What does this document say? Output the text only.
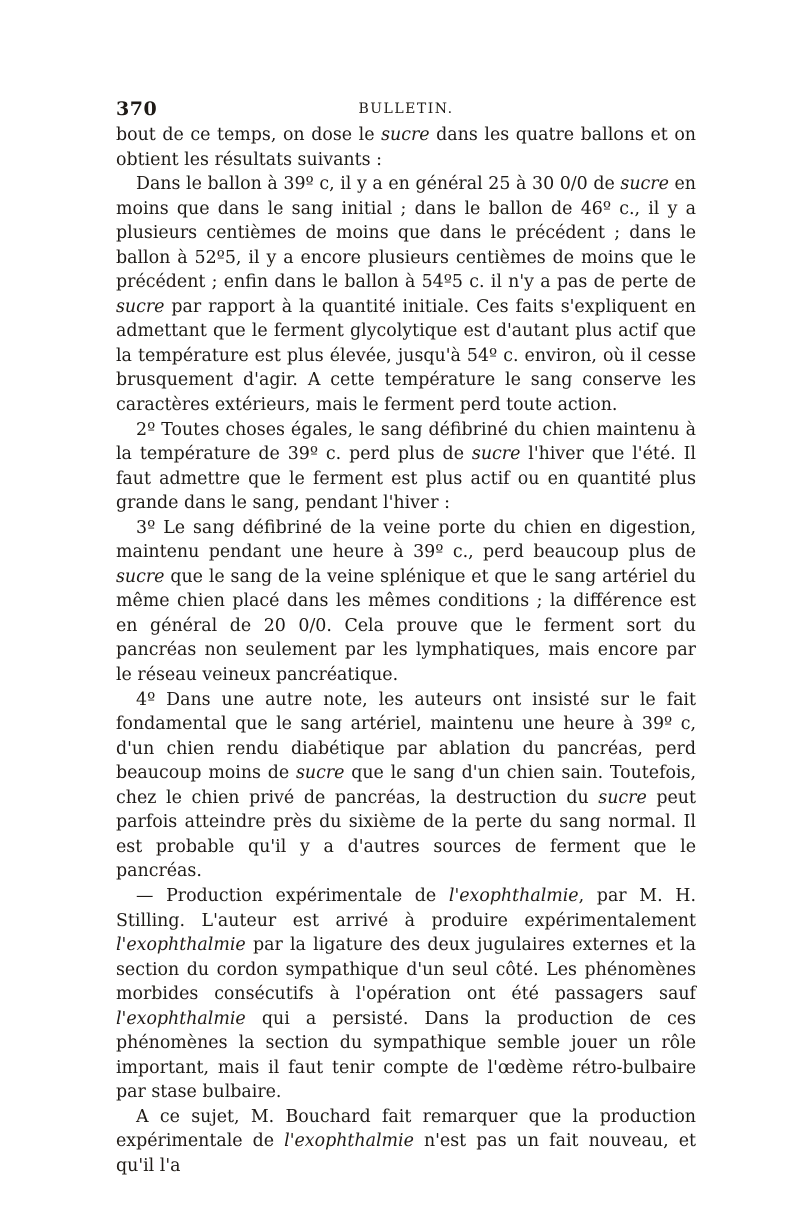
370	BULLETIN.

bout de ce temps, on dose le sucre dans les quatre ballons et on obtient les résultats suivants :

Dans le ballon à 39º c, il y a en général 25 à 30 0/0 de sucre en moins que dans le sang initial ; dans le ballon de 46º c., il y a plusieurs centièmes de moins que dans le précédent ; dans le ballon à 52º5, il y a encore plusieurs centièmes de moins que le précédent ; enfin dans le ballon à 54º5 c. il n'y a pas de perte de sucre par rapport à la quantité initiale. Ces faits s'expliquent en admettant que le ferment glycolytique est d'autant plus actif que la température est plus élevée, jusqu'à 54º c. environ, où il cesse brusquement d'agir. A cette température le sang conserve les caractères extérieurs, mais le ferment perd toute action.

2º Toutes choses égales, le sang défibriné du chien maintenu à la température de 39º c. perd plus de sucre l'hiver que l'été. Il faut admettre que le ferment est plus actif ou en quantité plus grande dans le sang, pendant l'hiver :

3º Le sang défibriné de la veine porte du chien en digestion, maintenu pendant une heure à 39º c., perd beaucoup plus de sucre que le sang de la veine splénique et que le sang artériel du même chien placé dans les mêmes conditions ; la différence est en général de 20 0/0. Cela prouve que le ferment sort du pancréas non seulement par les lymphatiques, mais encore par le réseau veineux pancréatique.

4º Dans une autre note, les auteurs ont insisté sur le fait fondamental que le sang artériel, maintenu une heure à 39º c, d'un chien rendu diabétique par ablation du pancréas, perd beaucoup moins de sucre que le sang d'un chien sain. Toutefois, chez le chien privé de pancréas, la destruction du sucre peut parfois atteindre près du sixième de la perte du sang normal. Il est probable qu'il y a d'autres sources de ferment que le pancréas.

— Production expérimentale de l'exophthalmie, par M. H. Stilling. L'auteur est arrivé à produire expérimentalement l'exophthalmie par la ligature des deux jugulaires externes et la section du cordon sympathique d'un seul côté. Les phénomènes morbides consécutifs à l'opération ont été passagers sauf l'exophthalmie qui a persisté. Dans la production de ces phénomènes la section du sympathique semble jouer un rôle important, mais il faut tenir compte de l'œdème rétro-bulbaire par stase bulbaire.

A ce sujet, M. Bouchard fait remarquer que la production expérimentale de l'exophthalmie n'est pas un fait nouveau, et qu'il l'a
